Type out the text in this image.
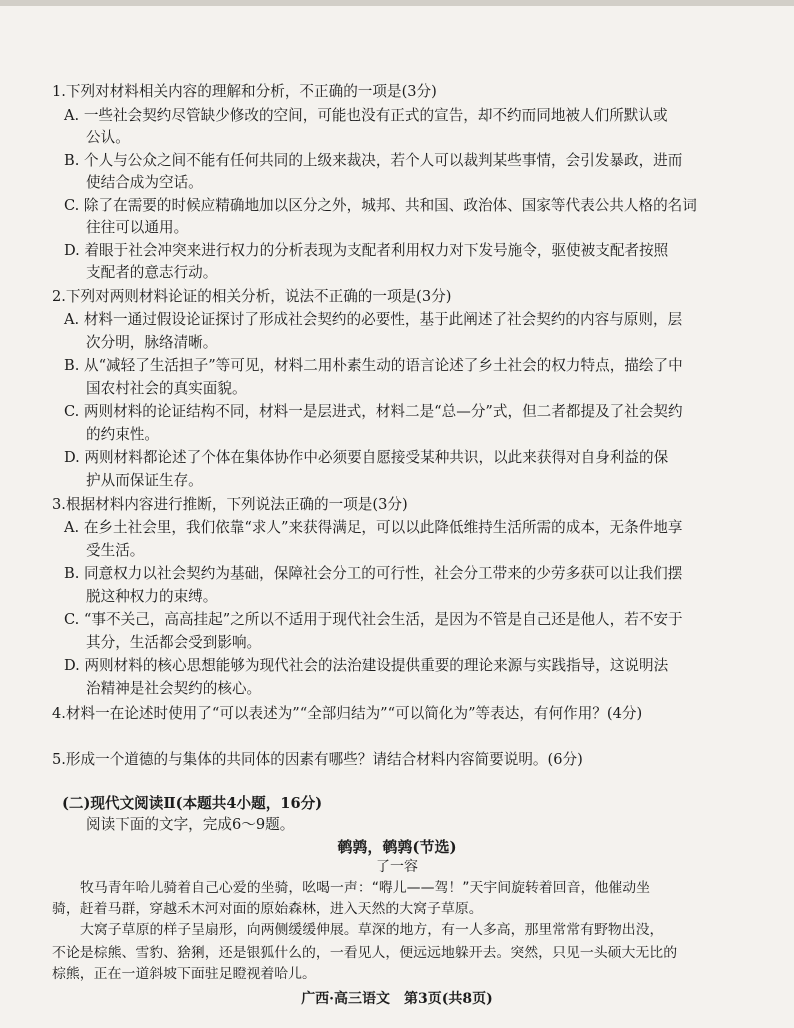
1.下列对材料相关内容的理解和分析，不正确的一项是(3分)
A. 一些社会契约尽管缺少修改的空间，可能也没有正式的宣告，却不约而同地被人们所默认或
公认。
B. 个人与公众之间不能有任何共同的上级来裁决，若个人可以裁判某些事情，会引发暴政，进而
使结合成为空话。
C. 除了在需要的时候应精确地加以区分之外，城邦、共和国、政治体、国家等代表公共人格的名词
往往可以通用。
D. 着眼于社会冲突来进行权力的分析表现为支配者利用权力对下发号施令，驱使被支配者按照
支配者的意志行动。
2.下列对两则材料论证的相关分析，说法不正确的一项是(3分)
A. 材料一通过假设论证探讨了形成社会契约的必要性，基于此阐述了社会契约的内容与原则，层
次分明，脉络清晰。
B. 从“减轻了生活担子”等可见，材料二用朴素生动的语言论述了乡土社会的权力特点，描绘了中
国农村社会的真实面貌。
C. 两则材料的论证结构不同，材料一是层进式，材料二是“总—分”式，但二者都提及了社会契约
的约束性。
D. 两则材料都论述了个体在集体协作中必须要自愿接受某种共识，以此来获得对自身利益的保
护从而保证生存。
3.根据材料内容进行推断，下列说法正确的一项是(3分)
A. 在乡土社会里，我们依靠“求人”来获得满足，可以以此降低维持生活所需的成本，无条件地享
受生活。
B. 同意权力以社会契约为基础，保障社会分工的可行性，社会分工带来的少劳多获可以让我们摆
脱这种权力的束缚。
C. “事不关己，高高挂起”之所以不适用于现代社会生活，是因为不管是自己还是他人，若不安于
其分，生活都会受到影响。
D. 两则材料的核心思想能够为现代社会的法治建设提供重要的理论来源与实践指导，这说明法
治精神是社会契约的核心。
4.材料一在论述时使用了“可以表述为”“全部归结为”“可以简化为”等表达，有何作用？(4分)
5.形成一个道德的与集体的共同体的因素有哪些？请结合材料内容简要说明。(6分)
(二)现代文阅读Ⅱ(本题共4小题，16分)
阅读下面的文字，完成6～9题。
鹌鹑，鹌鹑(节选)
了一容
牧马青年哈儿骑着自己心爱的坐骑，吆喝一声：“嘚儿——驾！”天宇间旋转着回音，他催动坐
骑，赶着马群，穿越禾木河对面的原始森林，进入天然的大窝子草原。
大窝子草原的样子呈扇形，向两侧缓缓伸展。草深的地方，有一人多高，那里常常有野物出没，
不论是棕熊、雪豹、猞猁，还是银狐什么的，一看见人，便远远地躲开去。突然，只见一头硕大无比的
广西·高三语文　第3页(共8页)
棕熊，正在一道斜坡下面驻足瞪视着哈儿。
